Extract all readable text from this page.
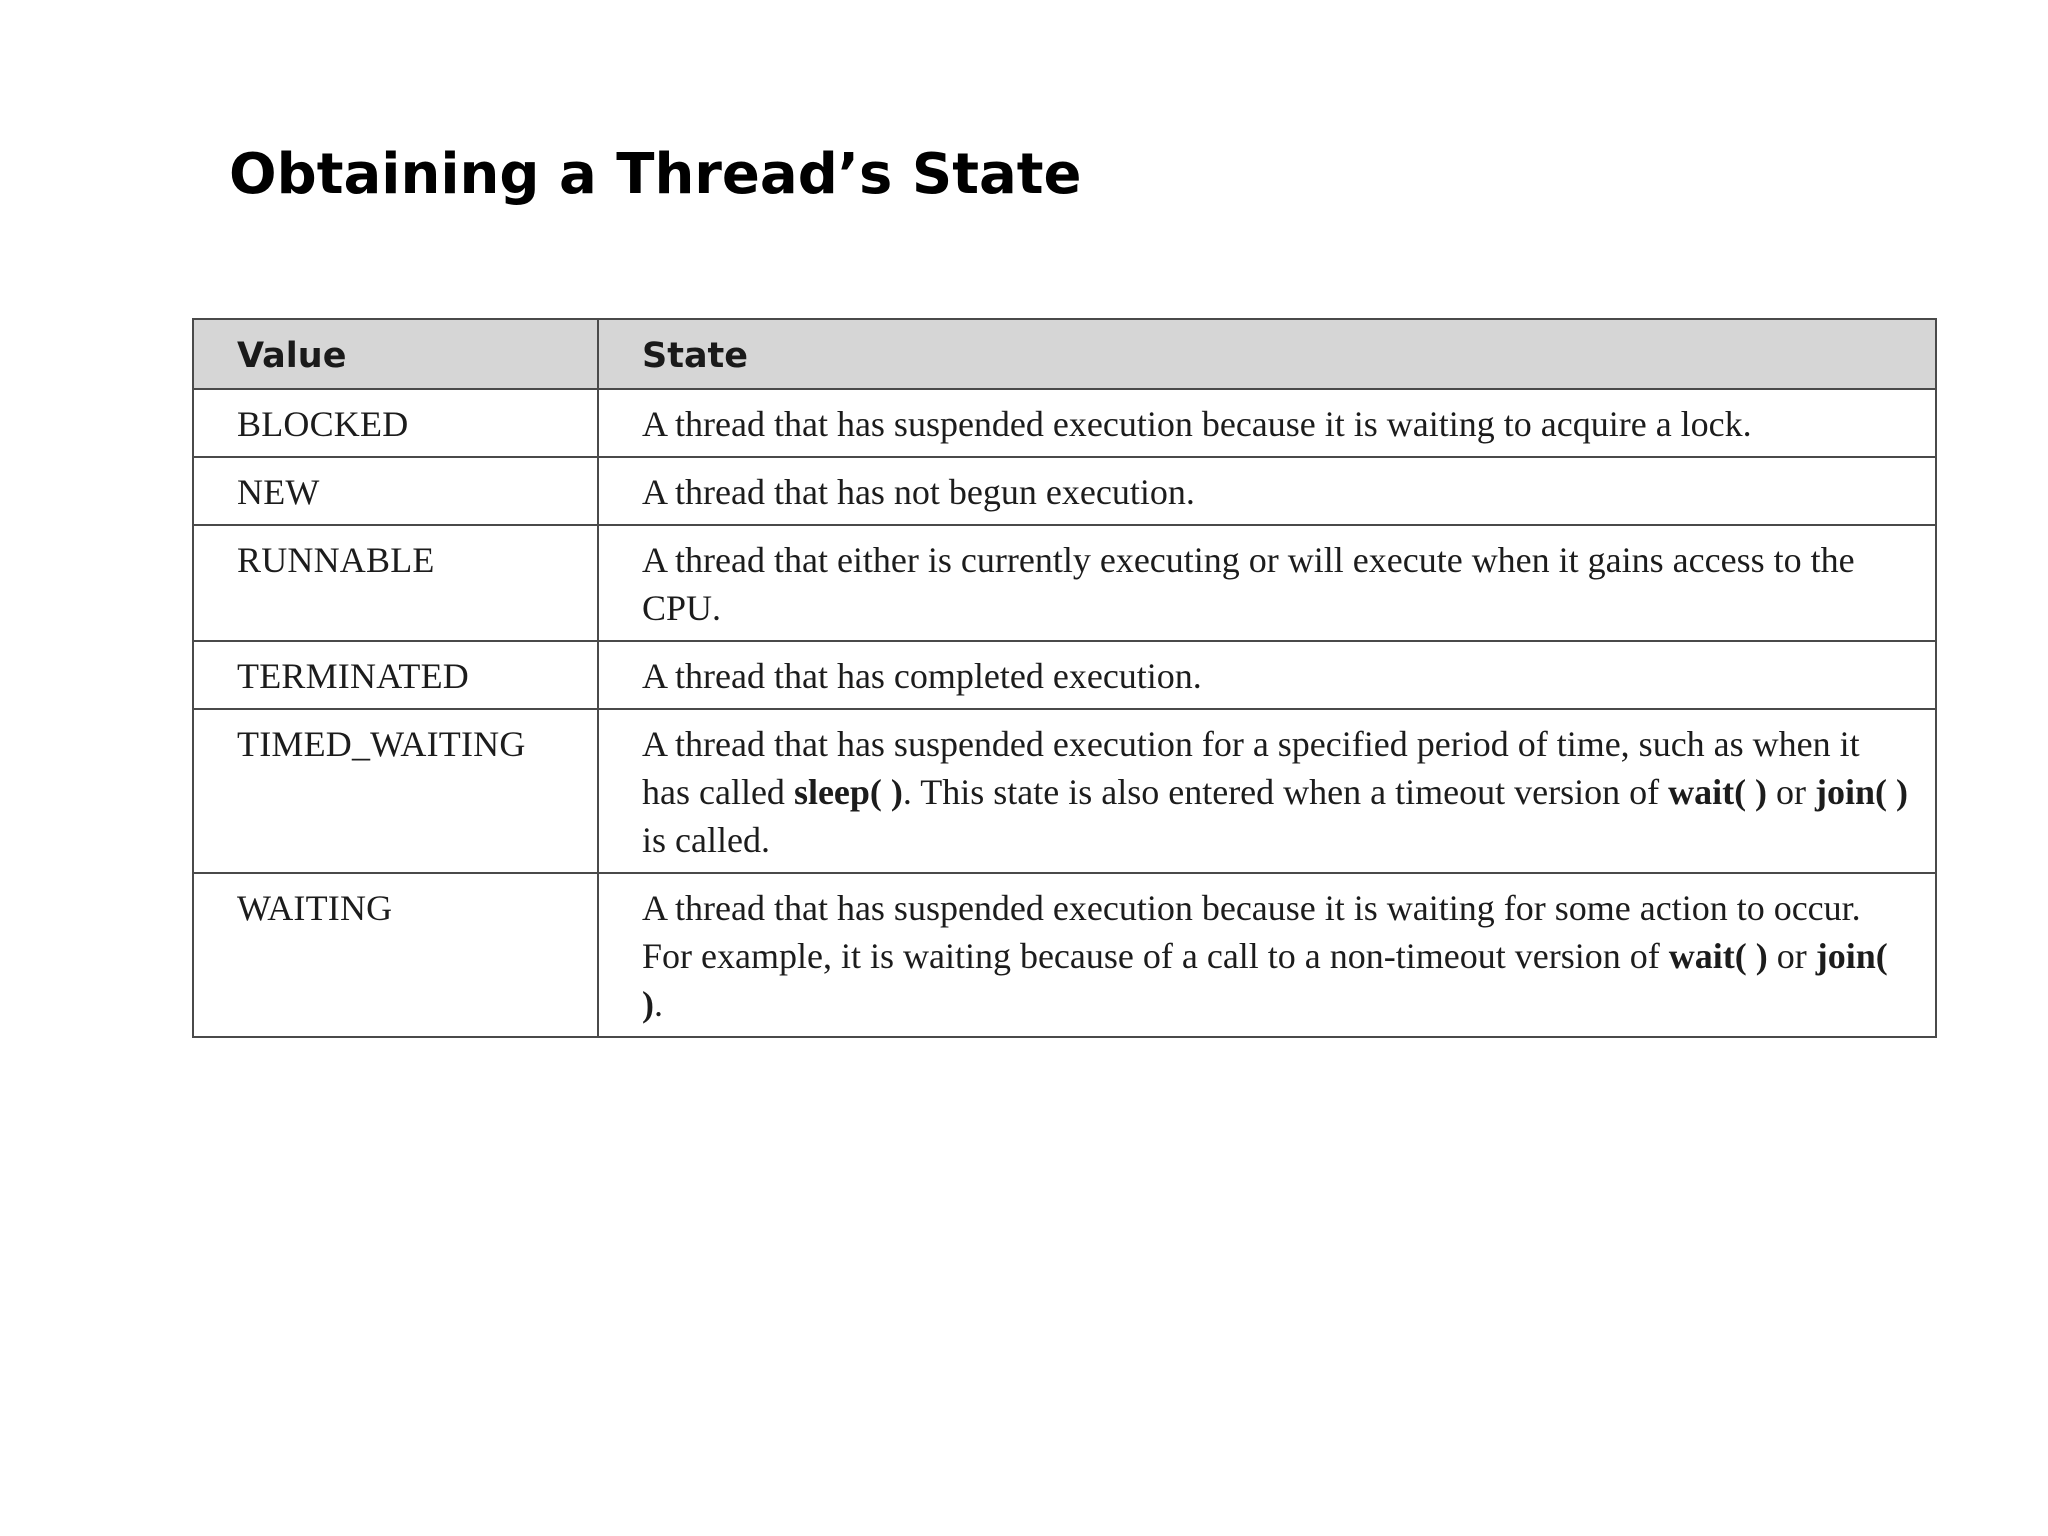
Obtaining a Thread’s State
Value	State
BLOCKED	A thread that has suspended execution because it is waiting to acquire a lock.
NEW	A thread that has not begun execution.
RUNNABLE	A thread that either is currently executing or will execute when it gains access to the CPU.
TERMINATED	A thread that has completed execution.
TIMED_WAITING	A thread that has suspended execution for a specified period of time, such as when it has called sleep( ). This state is also entered when a timeout version of wait( ) or join( ) is called.
WAITING	A thread that has suspended execution because it is waiting for some action to occur. For example, it is waiting because of a call to a non-timeout version of wait( ) or join( ).
